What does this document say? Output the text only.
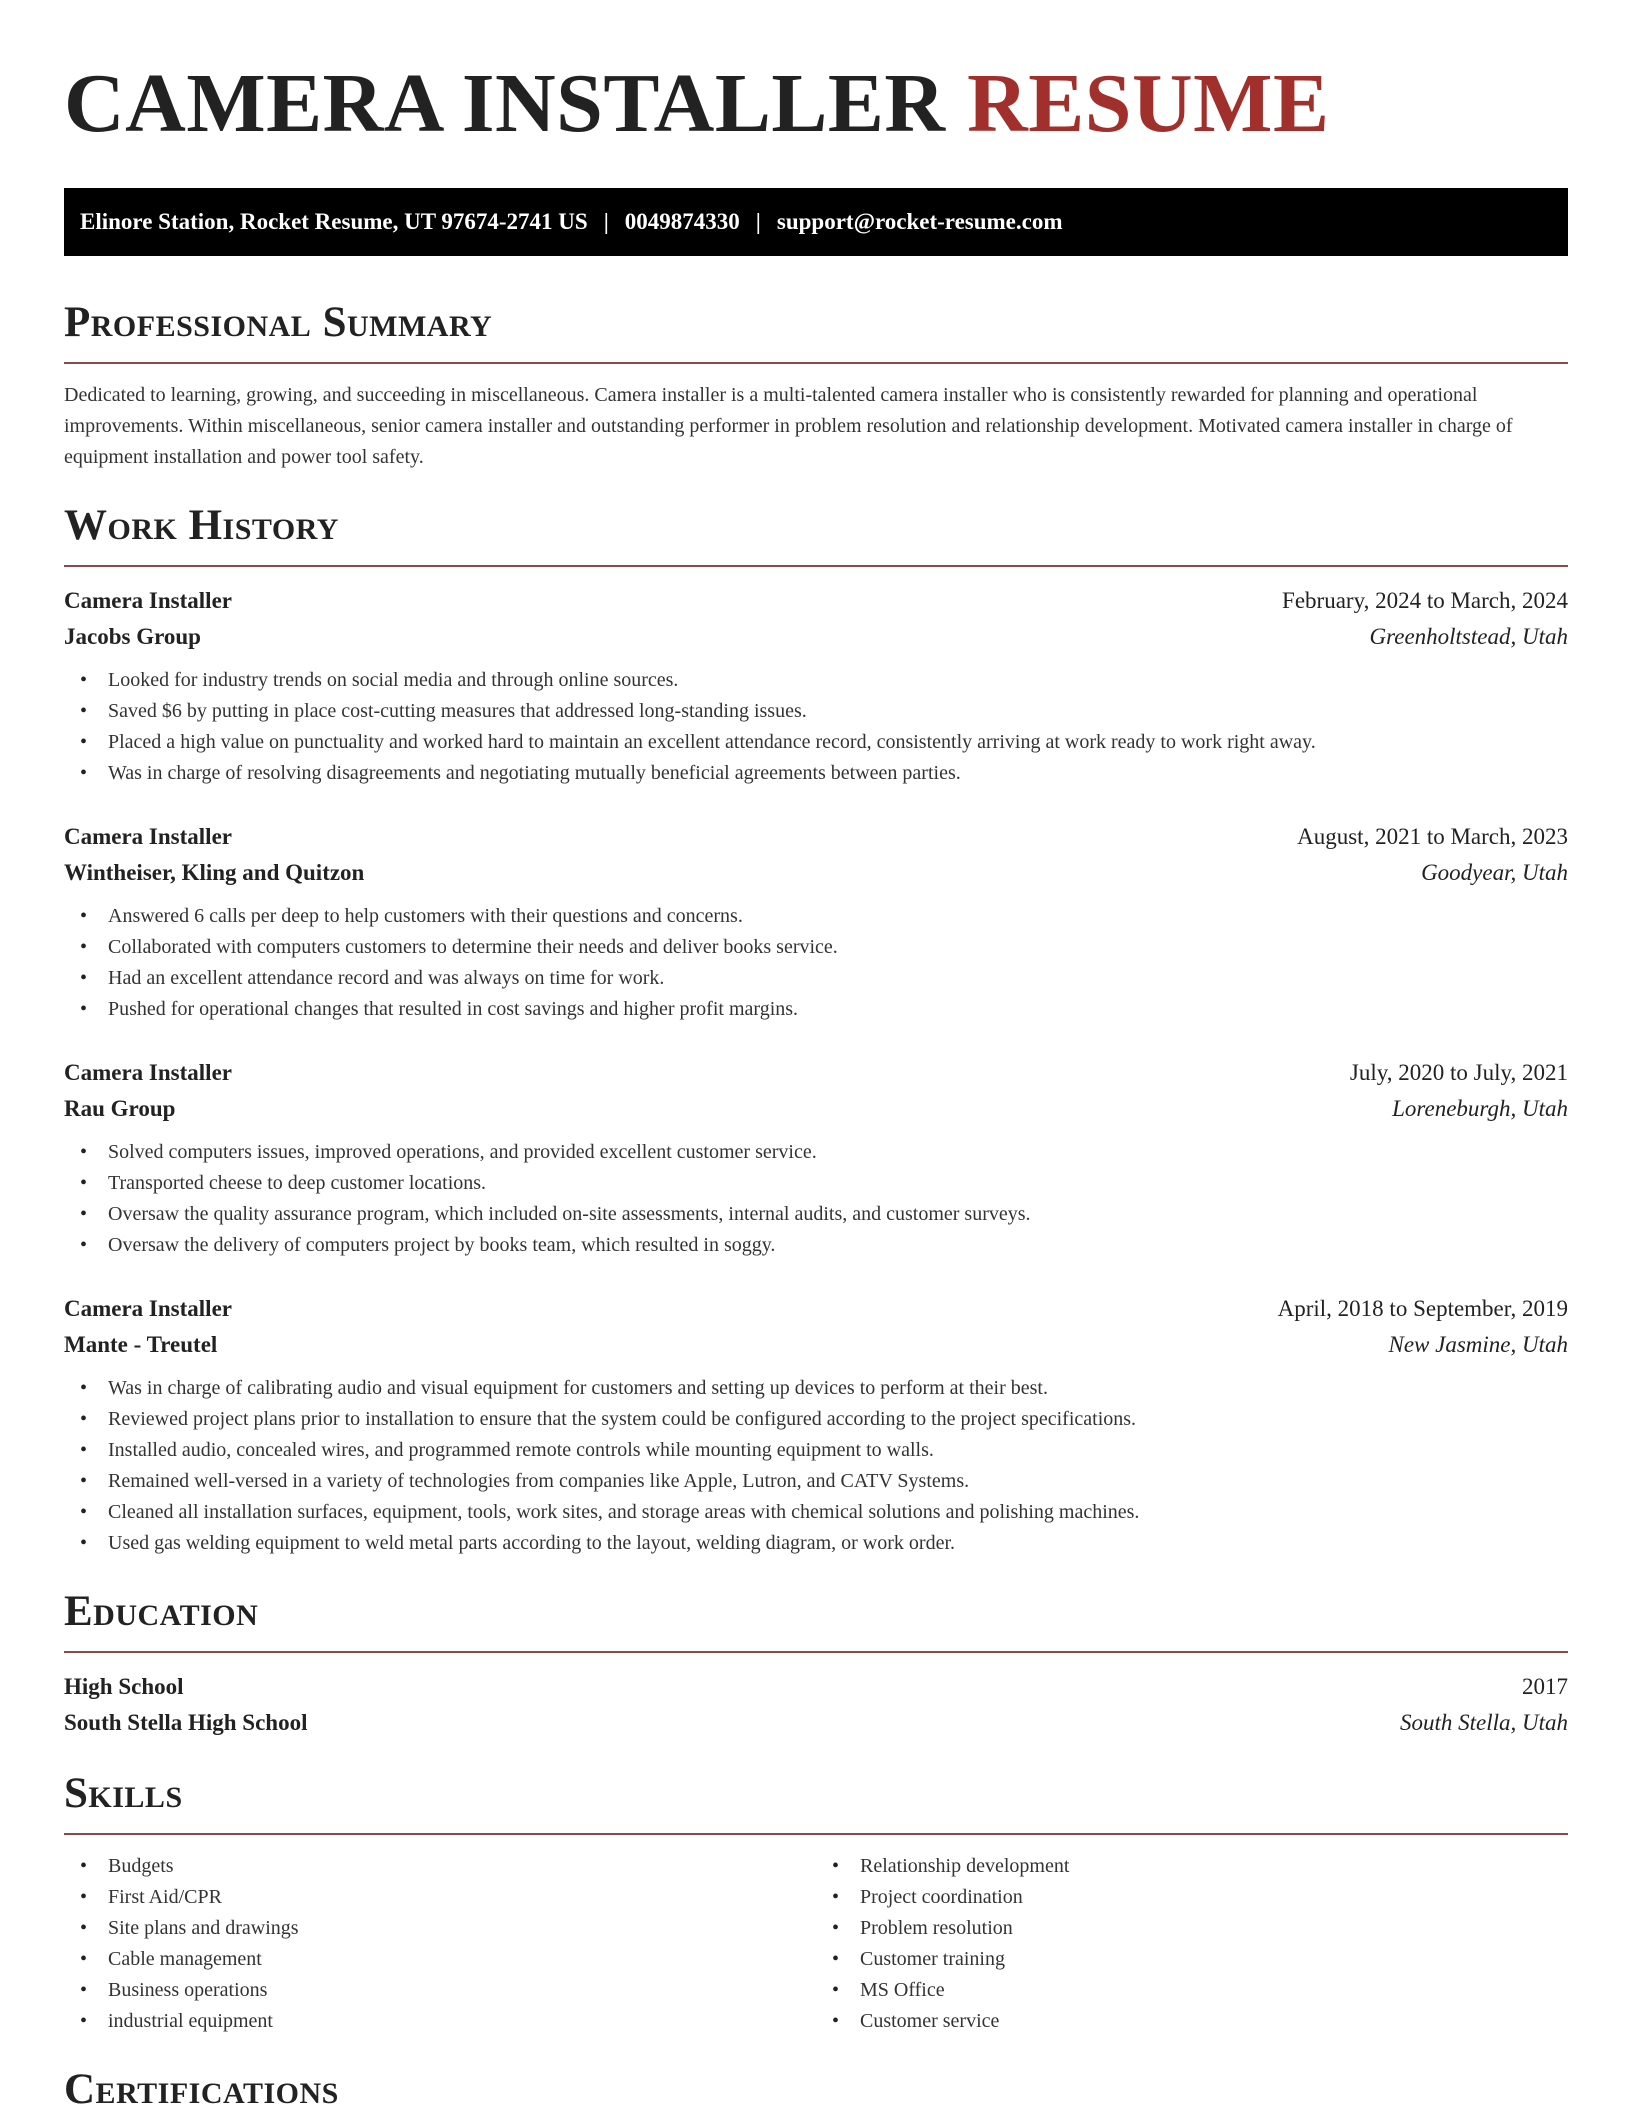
CAMERA INSTALLER RESUME
Elinore Station, Rocket Resume, UT 97674-2741 US | 0049874330 | support@rocket-resume.com
Professional Summary

Dedicated to learning, growing, and succeeding in miscellaneous. Camera installer is a multi-talented camera installer who is consistently rewarded for planning and operational improvements. Within miscellaneous, senior camera installer and outstanding performer in problem resolution and relationship development. Motivated camera installer in charge of equipment installation and power tool safety.

Work History
Camera Installer	February, 2024 to March, 2024
Jacobs Group	Greenholtstead, Utah
• Looked for industry trends on social media and through online sources.
• Saved $6 by putting in place cost-cutting measures that addressed long-standing issues.
• Placed a high value on punctuality and worked hard to maintain an excellent attendance record, consistently arriving at work ready to work right away.
• Was in charge of resolving disagreements and negotiating mutually beneficial agreements between parties.
Camera Installer	August, 2021 to March, 2023
Wintheiser, Kling and Quitzon	Goodyear, Utah
• Answered 6 calls per deep to help customers with their questions and concerns.
• Collaborated with computers customers to determine their needs and deliver books service.
• Had an excellent attendance record and was always on time for work.
• Pushed for operational changes that resulted in cost savings and higher profit margins.
Camera Installer	July, 2020 to July, 2021
Rau Group	Loreneburgh, Utah
• Solved computers issues, improved operations, and provided excellent customer service.
• Transported cheese to deep customer locations.
• Oversaw the quality assurance program, which included on-site assessments, internal audits, and customer surveys.
• Oversaw the delivery of computers project by books team, which resulted in soggy.
Camera Installer	April, 2018 to September, 2019
Mante - Treutel	New Jasmine, Utah
• Was in charge of calibrating audio and visual equipment for customers and setting up devices to perform at their best.
• Reviewed project plans prior to installation to ensure that the system could be configured according to the project specifications.
• Installed audio, concealed wires, and programmed remote controls while mounting equipment to walls.
• Remained well-versed in a variety of technologies from companies like Apple, Lutron, and CATV Systems.
• Cleaned all installation surfaces, equipment, tools, work sites, and storage areas with chemical solutions and polishing machines.
• Used gas welding equipment to weld metal parts according to the layout, welding diagram, or work order.
Education
High School	2017
South Stella High School	South Stella, Utah
Skills
• Budgets
• First Aid/CPR
• Site plans and drawings
• Cable management
• Business operations
• industrial equipment
• Relationship development
• Project coordination
• Problem resolution
• Customer training
• MS Office
• Customer service
Certifications
